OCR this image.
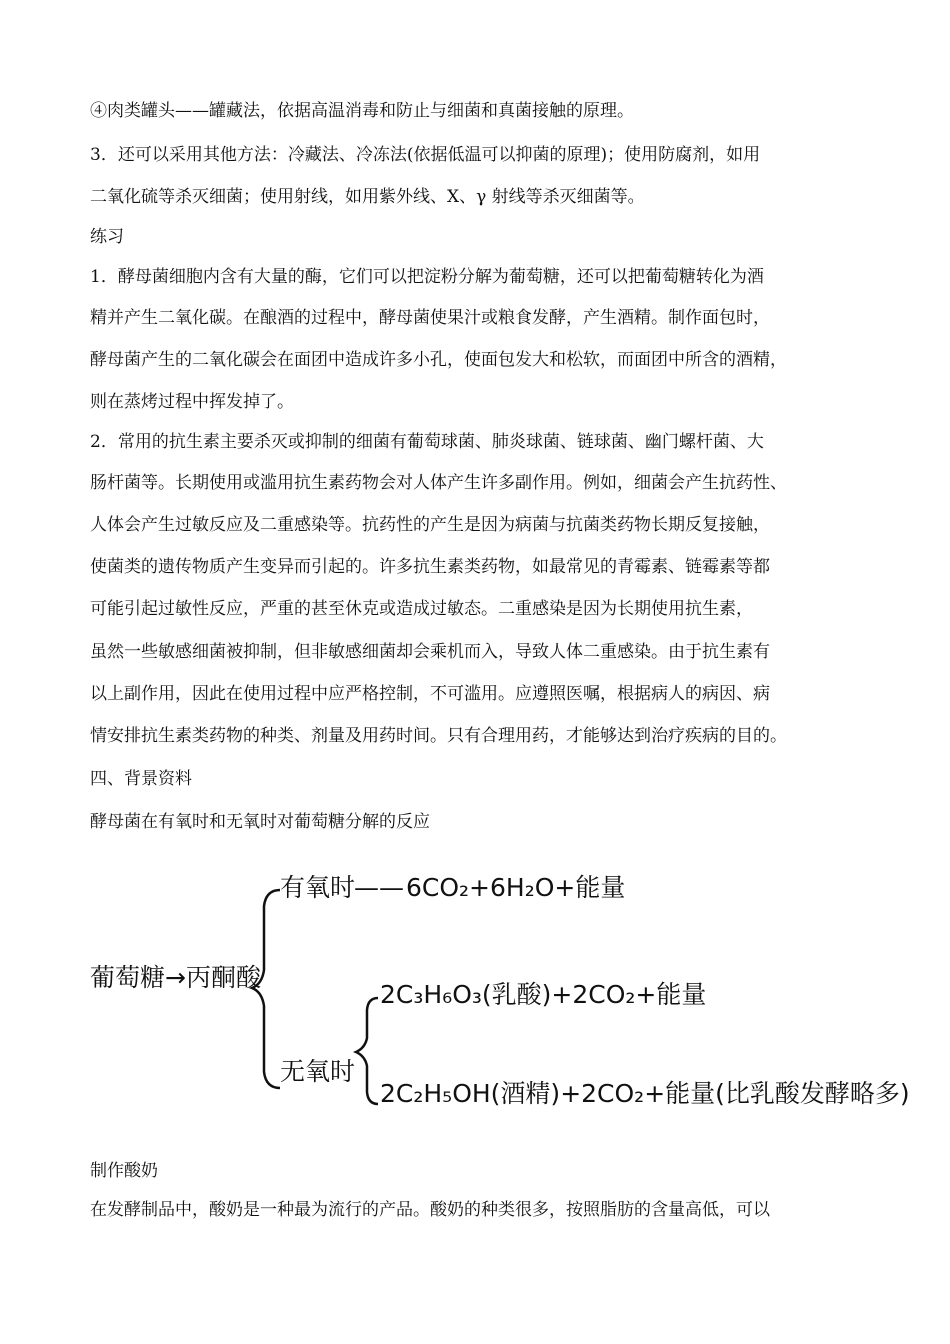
④肉类罐头——罐藏法，依据高温消毒和防止与细菌和真菌接触的原理。
3．还可以采用其他方法：冷藏法、冷冻法(依据低温可以抑菌的原理)；使用防腐剂，如用
二氧化硫等杀灭细菌；使用射线，如用紫外线、X、γ 射线等杀灭细菌等。
练习
1．酵母菌细胞内含有大量的酶，它们可以把淀粉分解为葡萄糖，还可以把葡萄糖转化为酒
精并产生二氧化碳。在酿酒的过程中，酵母菌使果汁或粮食发酵，产生酒精。制作面包时，
酵母菌产生的二氧化碳会在面团中造成许多小孔，使面包发大和松软，而面团中所含的酒精，
则在蒸烤过程中挥发掉了。
2．常用的抗生素主要杀灭或抑制的细菌有葡萄球菌、肺炎球菌、链球菌、幽门螺杆菌、大
肠杆菌等。长期使用或滥用抗生素药物会对人体产生许多副作用。例如，细菌会产生抗药性、
人体会产生过敏反应及二重感染等。抗药性的产生是因为病菌与抗菌类药物长期反复接触，
使菌类的遗传物质产生变异而引起的。许多抗生素类药物，如最常见的青霉素、链霉素等都
可能引起过敏性反应，严重的甚至休克或造成过敏态。二重感染是因为长期使用抗生素，
虽然一些敏感细菌被抑制，但非敏感细菌却会乘机而入，导致人体二重感染。由于抗生素有
以上副作用，因此在使用过程中应严格控制，不可滥用。应遵照医嘱，根据病人的病因、病
情安排抗生素类药物的种类、剂量及用药时间。只有合理用药，才能够达到治疗疾病的目的。
四、背景资料
酵母菌在有氧时和无氧时对葡萄糖分解的反应
葡萄糖→丙酮酸
有氧时
—— 6CO₂+6H₂O+能量
2C₃H₆O₃(乳酸)+2CO₂+能量
无氧时
2C₂H₅OH(酒精)+2CO₂+能量(比乳酸发酵略多)
制作酸奶
在发酵制品中，酸奶是一种最为流行的产品。酸奶的种类很多，按照脂肪的含量高低，可以
